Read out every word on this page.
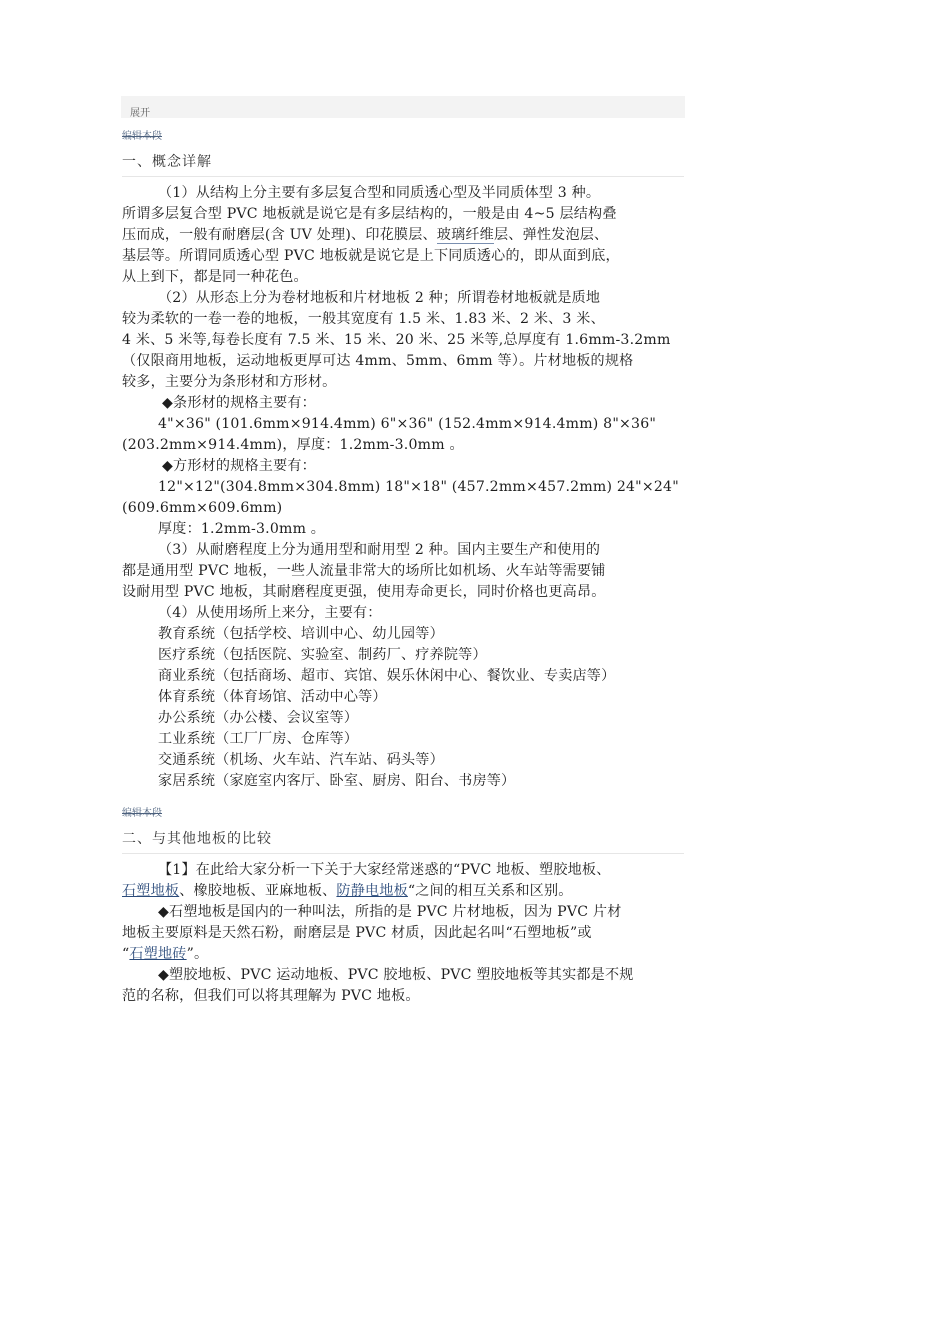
展开
编辑本段
一、概念详解

（1）从结构上分主要有多层复合型和同质透心型及半同质体型 3 种。

所谓多层复合型 PVC 地板就是说它是有多层结构的，一般是由 4~5 层结构叠

压而成，一般有耐磨层(含 UV 处理)、印花膜层、玻璃纤维层、弹性发泡层、

基层等。所谓同质透心型 PVC 地板就是说它是上下同质透心的，即从面到底，

从上到下，都是同一种花色。

（2）从形态上分为卷材地板和片材地板 2 种；所谓卷材地板就是质地

较为柔软的一卷一卷的地板，一般其宽度有 1.5 米、1.83 米、2 米、3 米、

4 米、5 米等,每卷长度有 7.5 米、15 米、20 米、25 米等,总厚度有 1.6mm-3.2mm

（仅限商用地板，运动地板更厚可达 4mm、5mm、6mm 等）。片材地板的规格

较多，主要分为条形材和方形材。

◆条形材的规格主要有：

4"×36" (101.6mm×914.4mm) 6"×36" (152.4mm×914.4mm) 8"×36"

(203.2mm×914.4mm)，厚度：1.2mm-3.0mm 。

◆方形材的规格主要有：

12"×12"(304.8mm×304.8mm) 18"×18" (457.2mm×457.2mm) 24"×24"

(609.6mm×609.6mm)

厚度：1.2mm-3.0mm 。

（3）从耐磨程度上分为通用型和耐用型 2 种。国内主要生产和使用的

都是通用型 PVC 地板，一些人流量非常大的场所比如机场、火车站等需要铺

设耐用型 PVC 地板，其耐磨程度更强，使用寿命更长，同时价格也更高昂。

（4）从使用场所上来分，主要有：

教育系统（包括学校、培训中心、幼儿园等）

医疗系统（包括医院、实验室、制药厂、疗养院等）

商业系统（包括商场、超市、宾馆、娱乐休闲中心、餐饮业、专卖店等）

体育系统（体育场馆、活动中心等）

办公系统（办公楼、会议室等）

工业系统（工厂厂房、仓库等）

交通系统（机场、火车站、汽车站、码头等）

家居系统（家庭室内客厅、卧室、厨房、阳台、书房等）

编辑本段
二、与其他地板的比较

【1】在此给大家分析一下关于大家经常迷惑的“PVC 地板、塑胶地板、

石塑地板、橡胶地板、亚麻地板、防静电地板“之间的相互关系和区别。

◆石塑地板是国内的一种叫法，所指的是 PVC 片材地板，因为 PVC 片材

地板主要原料是天然石粉，耐磨层是 PVC 材质，因此起名叫“石塑地板”或

“石塑地砖”。

◆塑胶地板、PVC 运动地板、PVC 胶地板、PVC 塑胶地板等其实都是不规

范的名称，但我们可以将其理解为 PVC 地板。
